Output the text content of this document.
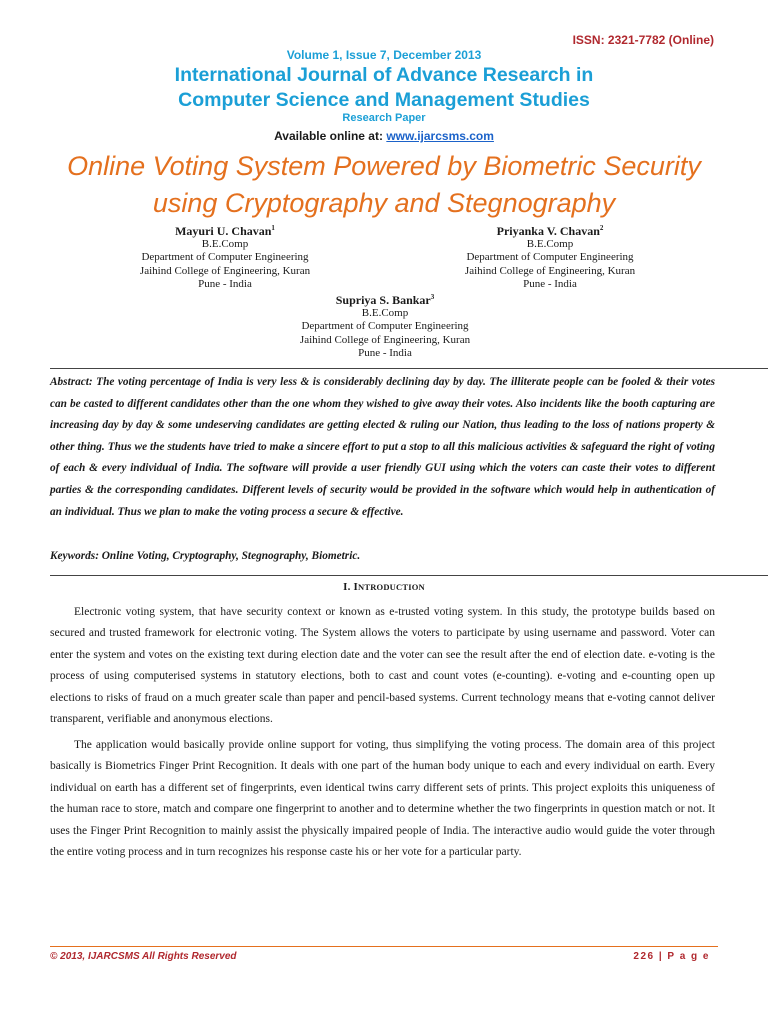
ISSN: 2321-7782 (Online)
Volume 1, Issue 7, December 2013
International Journal of Advance Research in
Computer Science and Management Studies
Research Paper
Available online at: www.ijarcsms.com
Online Voting System Powered by Biometric Security
using Cryptography and Stegnography
Mayuri U. Chavan$^1$
B.E.Comp
Department of Computer Engineering
Jaihind College of Engineering, Kuran
Pune - India
Priyanka V. Chavan$^2$
B.E.Comp
Department of Computer Engineering
Jaihind College of Engineering, Kuran
Pune - India
Supriya S. Bankar$^3$
B.E.Comp
Department of Computer Engineering
Jaihind College of Engineering, Kuran
Pune - India
Abstract: The voting percentage of India is very less & is considerably declining day by day. The illiterate people can be fooled & their votes can be casted to different candidates other than the one whom they wished to give away their votes. Also incidents like the booth capturing are increasing day by day & some undeserving candidates are getting elected & ruling our Nation, thus leading to the loss of nations property & other thing. Thus we the students have tried to make a sincere effort to put a stop to all this malicious activities & safeguard the right of voting of each & every individual of India. The software will provide a user friendly GUI using which the voters can caste their votes to different parties & the corresponding candidates. Different levels of security would be provided in the software which would help in authentication of an individual. Thus we plan to make the voting process a secure & effective.
Keywords: Online Voting, Cryptography, Stegnography, Biometric.
I. INTRODUCTION

Electronic voting system, that have security context or known as e-trusted voting system. In this study, the prototype builds based on secured and trusted framework for electronic voting. The System allows the voters to participate by using username and password. Voter can enter the system and votes on the existing text during election date and the voter can see the result after the end of election date. e-voting is the process of using computerised systems in statutory elections, both to cast and count votes (e-counting). e-voting and e-counting open up elections to risks of fraud on a much greater scale than paper and pencil-based systems. Current technology means that e-voting cannot deliver transparent, verifiable and anonymous elections.

The application would basically provide online support for voting, thus simplifying the voting process. The domain area of this project basically is Biometrics Finger Print Recognition. It deals with one part of the human body unique to each and every individual on earth. Every individual on earth has a different set of fingerprints, even identical twins carry different sets of prints. This project exploits this uniqueness of the human race to store, match and compare one fingerprint to another and to determine whether the two fingerprints in question match or not. It uses the Finger Print Recognition to mainly assist the physically impaired people of India. The interactive audio would guide the voter through the entire voting process and in turn recognizes his response caste his or her vote for a particular party.

© 2013, IJARCSMS All Rights Reserved	226 | P a g e
